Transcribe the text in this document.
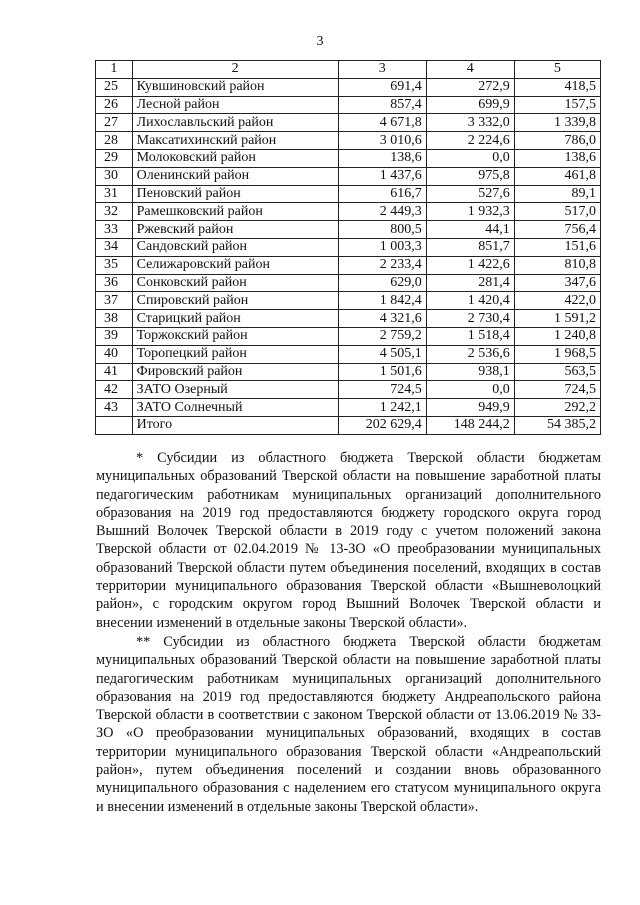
3
1	2	3	4	5
25	Кувшиновский район	691,4	272,9	418,5
26	Лесной район	857,4	699,9	157,5
27	Лихославльский район	4 671,8	3 332,0	1 339,8
28	Максатихинский район	3 010,6	2 224,6	786,0
29	Молоковский район	138,6	0,0	138,6
30	Оленинский район	1 437,6	975,8	461,8
31	Пеновский район	616,7	527,6	89,1
32	Рамешковский район	2 449,3	1 932,3	517,0
33	Ржевский район	800,5	44,1	756,4
34	Сандовский район	1 003,3	851,7	151,6
35	Селижаровский район	2 233,4	1 422,6	810,8
36	Сонковский район	629,0	281,4	347,6
37	Спировский район	1 842,4	1 420,4	422,0
38	Старицкий район	4 321,6	2 730,4	1 591,2
39	Торжокский район	2 759,2	1 518,4	1 240,8
40	Торопецкий район	4 505,1	2 536,6	1 968,5
41	Фировский район	1 501,6	938,1	563,5
42	ЗАТО Озерный	724,5	0,0	724,5
43	ЗАТО Солнечный	1 242,1	949,9	292,2
	Итого	202 629,4	148 244,2	54 385,2

* Субсидии из областного бюджета Тверской области бюджетам муниципальных образований Тверской области на повышение заработной платы педагогическим работникам муниципальных организаций дополнительного образования на 2019 год предоставляются бюджету городского округа город Вышний Волочек Тверской области в 2019 году с учетом положений закона Тверской области от 02.04.2019 № 13-ЗО «О преобразовании муниципальных образований Тверской области путем объединения поселений, входящих в состав территории муниципального образования Тверской области «Вышневолоцкий район», с городским округом город Вышний Волочек Тверской области и внесении изменений в отдельные законы Тверской области».

** Субсидии из областного бюджета Тверской области бюджетам муниципальных образований Тверской области на повышение заработной платы педагогическим работникам муниципальных организаций дополнительного образования на 2019 год предоставляются бюджету Андреапольского района Тверской области в соответствии с законом Тверской области от 13.06.2019 № 33-ЗО «О преобразовании муниципальных образований, входящих в состав территории муниципального образования Тверской области «Андреапольский район», путем объединения поселений и создании вновь образованного муниципального образования с наделением его статусом муниципального округа и внесении изменений в отдельные законы Тверской области».
